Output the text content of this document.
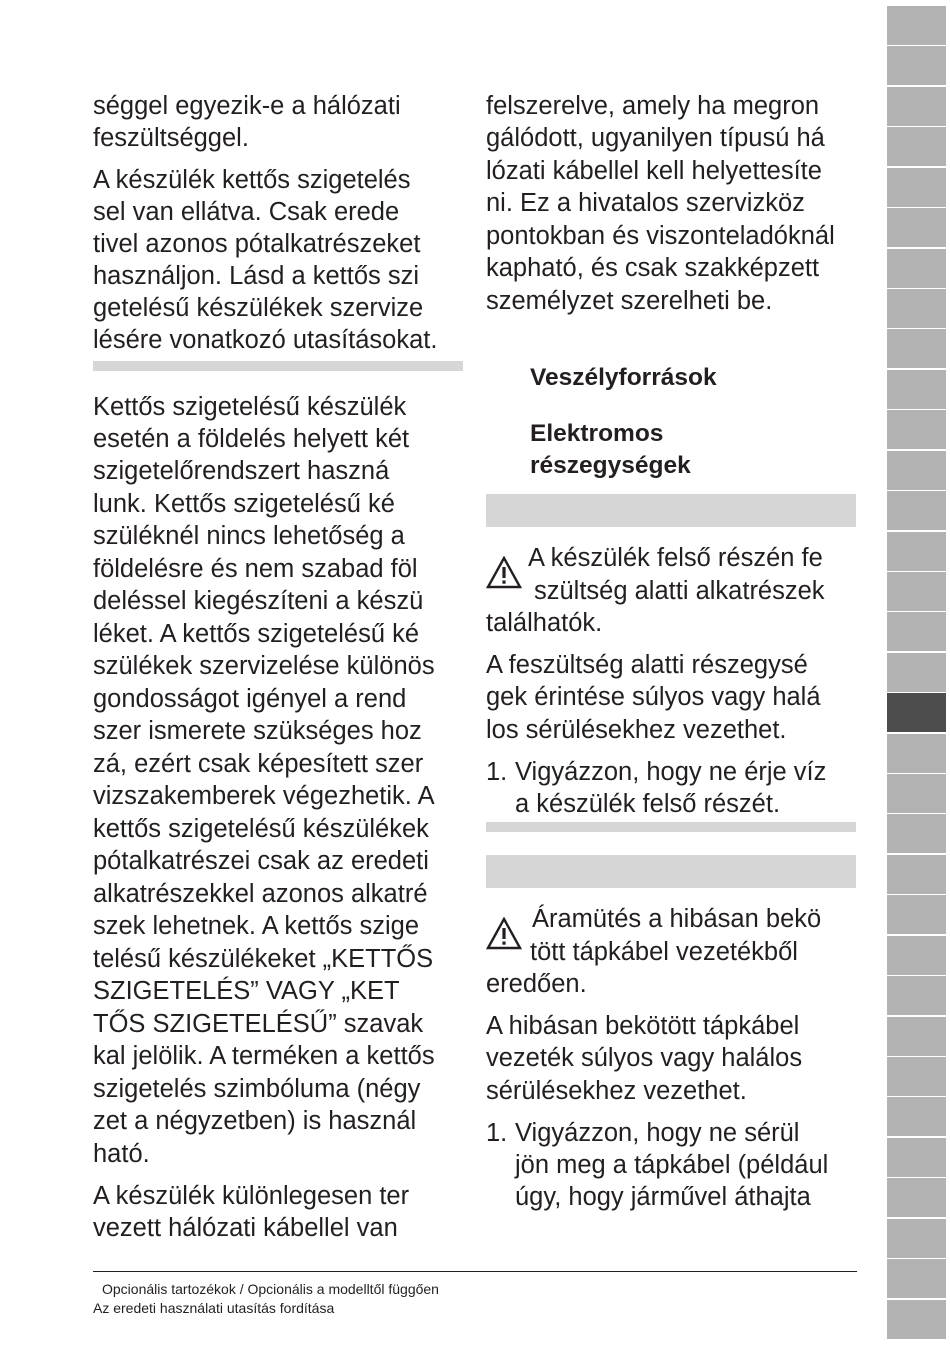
séggel egyezik-e a hálózati
feszültséggel.
A készülék kettős szigetelés
sel van ellátva. Csak erede
tivel azonos pótalkatrészeket
használjon. Lásd a kettős szi
getelésű készülékek szervize
lésére vonatkozó utasításokat.
Kettős szigetelésű készülék
esetén a földelés helyett két
szigetelőrendszert haszná
lunk. Kettős szigetelésű ké
szüléknél nincs lehetőség a
földelésre és nem szabad föl
deléssel kiegészíteni a készü
léket. A kettős szigetelésű ké
szülékek szervizelése különös
gondosságot igényel a rend
szer ismerete szükséges hoz
zá, ezért csak képesített szer
vizszakemberek végezhetik. A
kettős szigetelésű készülékek
pótalkatrészei csak az eredeti
alkatrészekkel azonos alkatré
szek lehetnek. A kettős szige
telésű készülékeket „KETTŐS
SZIGETELÉS” VAGY „KET
TŐS SZIGETELÉSŰ” szavak
kal jelölik. A terméken a kettős
szigetelés szimbóluma (négy
zet a négyzetben) is használ
ható.
A készülék különlegesen ter
vezett hálózati kábellel van
felszerelve, amely ha megron
gálódott, ugyanilyen típusú há
lózati kábellel kell helyettesíte
ni. Ez a hivatalos szervizköz
pontokban és viszonteladóknál
kapható, és csak szakképzett
személyzet szerelheti be.
Veszélyforrások
Elektromos
részegységek
A készülék felső részén fe
szültség alatti alkatrészek
találhatók.
A feszültség alatti részegysé
gek érintése súlyos vagy halá
los sérülésekhez vezethet.
1. Vigyázzon, hogy ne érje víz
a készülék felső részét.
Áramütés a hibásan bekö
tött tápkábel vezetékből
eredően.
A hibásan bekötött tápkábel
vezeték súlyos vagy halálos
sérülésekhez vezethet.
1. Vigyázzon, hogy ne sérül
jön meg a tápkábel (például
úgy, hogy járművel áthajta
Opcionális tartozékok / Opcionális a modelltől függően
Az eredeti használati utasítás fordítása
